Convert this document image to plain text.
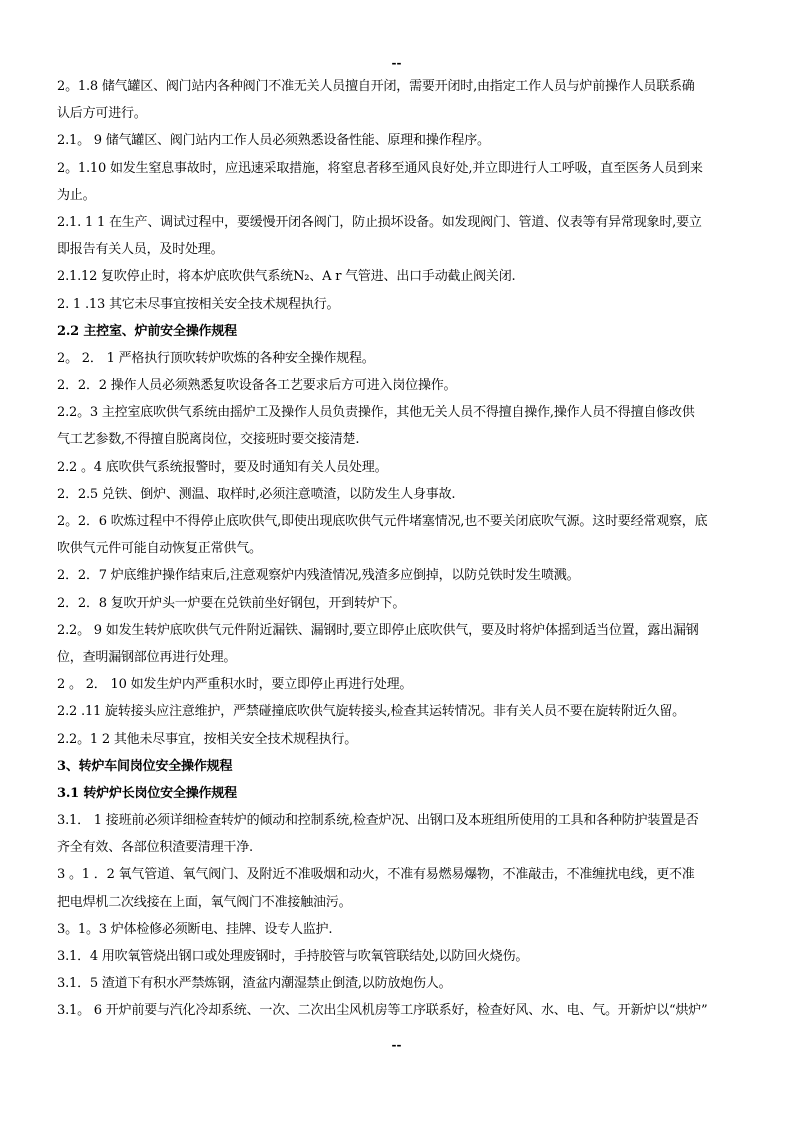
--
2。1.8 储气罐区、阀门站内各种阀门不准无关人员擅自开闭，需要开闭时,由指定工作人员与炉前操作人员联系确
认后方可进行。
2.1。 9 储气罐区、阀门站内工作人员必须熟悉设备性能、原理和操作程序。
2。1.10 如发生窒息事故时，应迅速采取措施，将窒息者移至通风良好处,并立即进行人工呼吸，直至医务人员到来
为止。
2.1. 1 1 在生产、调试过程中，要缓慢开闭各阀门，防止损坏设备。如发现阀门、管道、仪表等有异常现象时,要立
即报告有关人员，及时处理。
2.1.12 复吹停止时，将本炉底吹供气系统N₂、A r 气管进、出口手动截止阀关闭.
2. 1 .13 其它未尽事宜按相关安全技术规程执行。
2.2 主控室、炉前安全操作规程
2。 2． 1 严格执行顶吹转炉吹炼的各种安全操作规程。
2．2．2 操作人员必须熟悉复吹设备各工艺要求后方可进入岗位操作。
2.2。3 主控室底吹供气系统由摇炉工及操作人员负责操作，其他无关人员不得擅自操作,操作人员不得擅自修改供
气工艺参数,不得擅自脱离岗位，交接班时要交接清楚.
2.2 。4 底吹供气系统报警时，要及时通知有关人员处理。
2．2.5 兑铁、倒炉、测温、取样时,必须注意喷渣，以防发生人身事故.
2。2．6 吹炼过程中不得停止底吹供气,即使出现底吹供气元件堵塞情况,也不要关闭底吹气源。这时要经常观察，底
吹供气元件可能自动恢复正常供气。
2．2．7 炉底维护操作结束后,注意观察炉内残渣情况,残渣多应倒掉，以防兑铁时发生喷溅。
2．2．8 复吹开炉头一炉要在兑铁前坐好钢包，开到转炉下。
2.2。 9 如发生转炉底吹供气元件附近漏铁、漏钢时,要立即停止底吹供气，要及时将炉体摇到适当位置，露出漏钢
位，查明漏钢部位再进行处理。
2 。 2． 10 如发生炉内严重积水时，要立即停止再进行处理。
2.2 .11 旋转接头应注意维护，严禁碰撞底吹供气旋转接头,检查其运转情况。非有关人员不要在旋转附近久留。
2.2。1 2 其他未尽事宜，按相关安全技术规程执行。
3、转炉车间岗位安全操作规程
3.1 转炉炉长岗位安全操作规程
3.1． 1 接班前必须详细检查转炉的倾动和控制系统,检查炉况、出钢口及本班组所使用的工具和各种防护装置是否
齐全有效、各部位积渣要清理干净.
3 。1 ．2 氧气管道、氧气阀门、及附近不准吸烟和动火，不准有易燃易爆物，不准敲击，不准缠扰电线，更不准
把电焊机二次线接在上面，氧气阀门不准接触油污。
3。1。3 炉体检修必须断电、挂牌、设专人监护.
3.1．4 用吹氧管烧出钢口或处理废钢时，手持胶管与吹氧管联结处,以防回火烧伤。
3.1．5 渣道下有积水严禁炼钢，渣盆内潮湿禁止倒渣,以防放炮伤人。
3.1。 6 开炉前要与汽化冷却系统、一次、二次出尘风机房等工序联系好，检查好风、水、电、气。开新炉以“烘炉”
--
